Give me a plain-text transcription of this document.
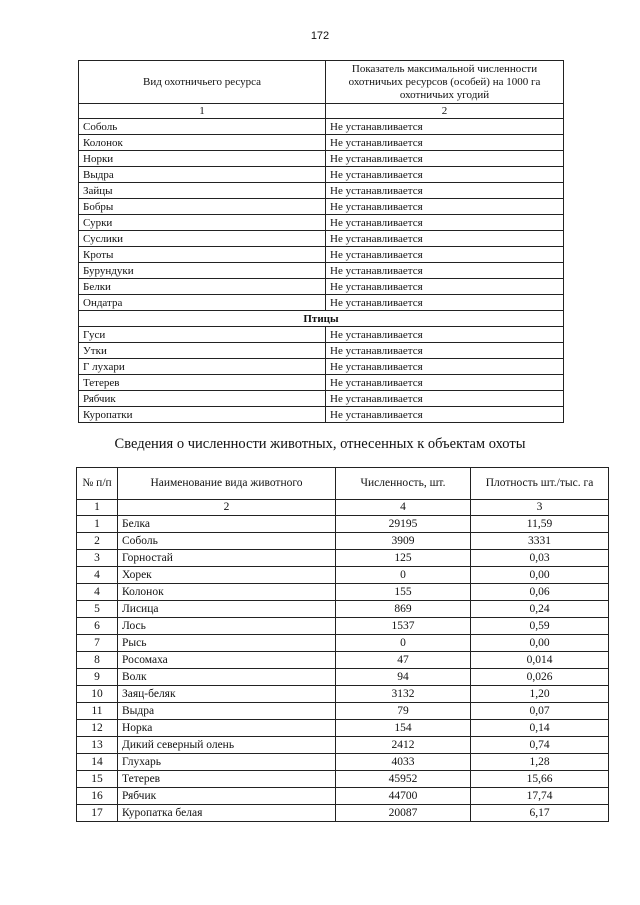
172
Вид охотничьего ресурса	Показатель максимальной численности охотничьих ресурсов (особей) на 1000 га охотничьих угодий
1	2
Соболь	Не устанавливается
Колонок	Не устанавливается
Норки	Не устанавливается
Выдра	Не устанавливается
Зайцы	Не устанавливается
Бобры	Не устанавливается
Сурки	Не устанавливается
Суслики	Не устанавливается
Кроты	Не устанавливается
Бурундуки	Не устанавливается
Белки	Не устанавливается
Ондатра	Не устанавливается
Птицы	
Гуси	Не устанавливается
Утки	Не устанавливается
Г лухари	Не устанавливается
Тетерев	Не устанавливается
Рябчик	Не устанавливается
Куропатки	Не устанавливается
Сведения о численности животных, отнесенных к объектам охоты
№ п/п	Наименование вида животного	Численность, шт.	Плотность шт./тыс. га
1	2	4	3
1	Белка	29195	11,59
2	Соболь	3909	3331
3	Горностай	125	0,03
4	Хорек	0	0,00
4	Колонок	155	0,06
5	Лисица	869	0,24
6	Лось	1537	0,59
7	Рысь	0	0,00
8	Росомаха	47	0,014
9	Волк	94	0,026
10	Заяц-беляк	3132	1,20
11	Выдра	79	0,07
12	Норка	154	0,14
13	Дикий северный олень	2412	0,74
14	Глухарь	4033	1,28
15	Тетерев	45952	15,66
16	Рябчик	44700	17,74
17	Куропатка белая	20087	6,17
